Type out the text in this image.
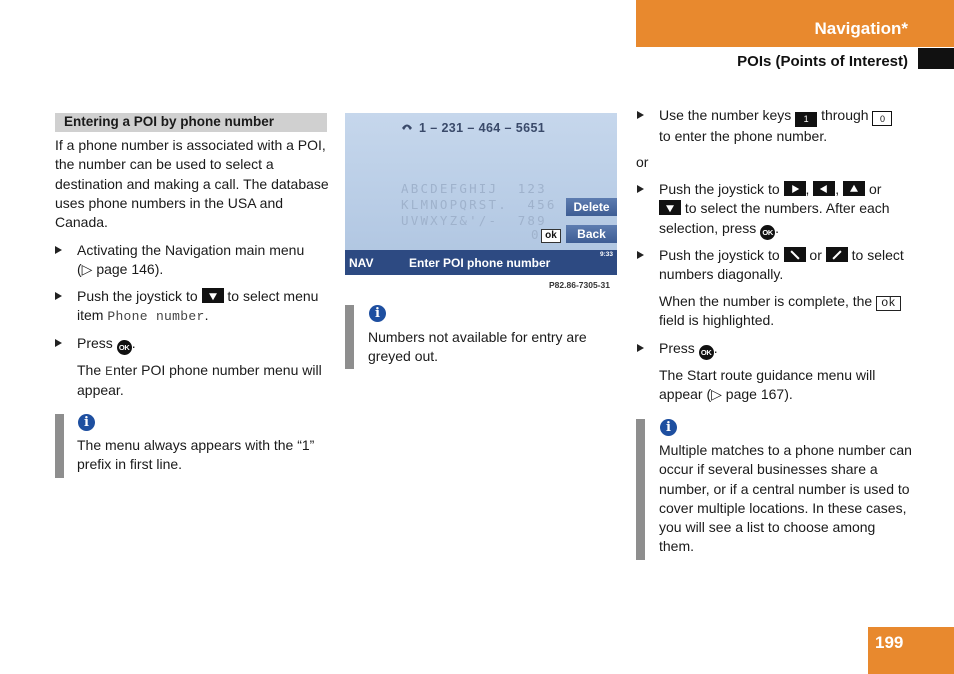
Navigation*
POIs (Points of Interest)
Entering a POI by phone number
If a phone number is associated with a POI, the number can be used to select a destination and making a call. The database uses phone numbers in the USA and Canada.
Activating the Navigation main menu
(▷ page 146).
Push the joystick to to select menu item Phone number.
Press OK .
The Enter POI phone number menu will appear.
i
The menu always appears with the “1” prefix in first line.
1 – 231 – 464 – 5651
ABCDEFGHIJ  123
KLMNOPQRST.  456
UVWXYZ&'/-  789
0 ok
Delete
Back
NAV	Enter POI phone number
9:33
P82.86-7305-31
i
Numbers not available for entry are greyed out.
Use the number keys 1 through 0
to enter the phone number.
or
Push the joystick to , , or

to select the numbers. After each selection, press OK .
Push the joystick to or to select numbers diagonally.
When the number is complete, the ok field is highlighted.
Press OK .
The Start route guidance menu will appear (▷ page 167).
i
Multiple matches to a phone number can occur if several businesses share a number, or if a central number is used to cover multiple locations. In these cases, you will see a list to choose among them.
199
